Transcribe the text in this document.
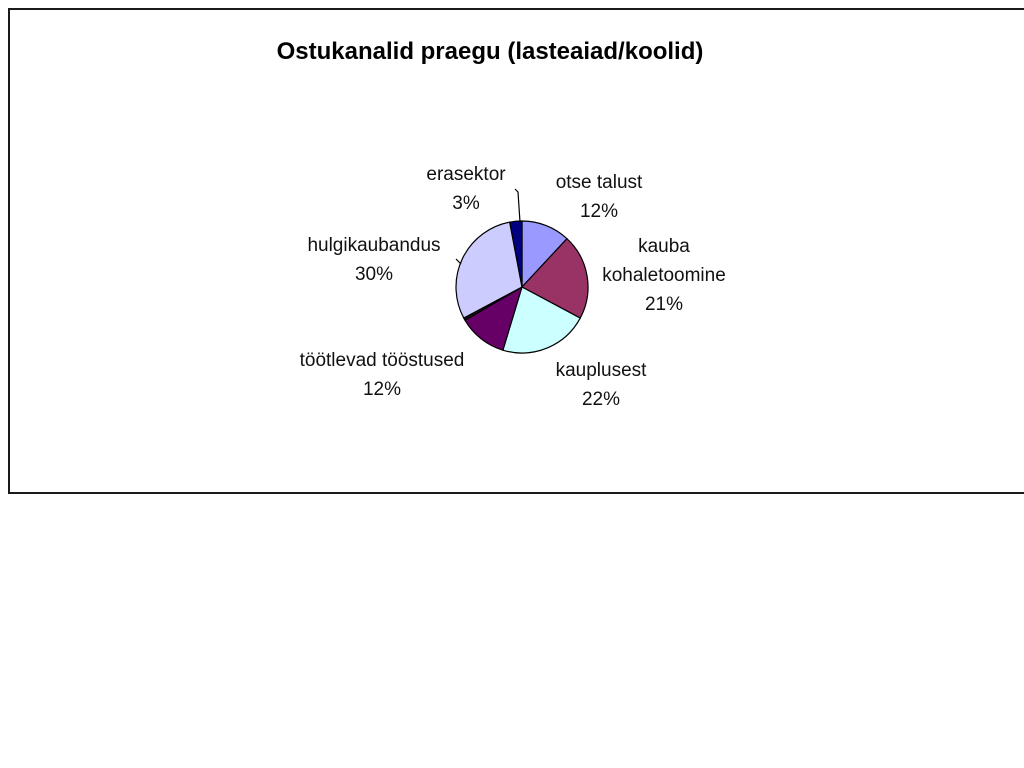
Ostukanalid praegu (lasteaiad/koolid)
otse talust 12%
kauba kohaletoomine 21%
kauplusest 22%
töötlevad tööstused 12%
hulgikaubandus 30%
erasektor 3%
